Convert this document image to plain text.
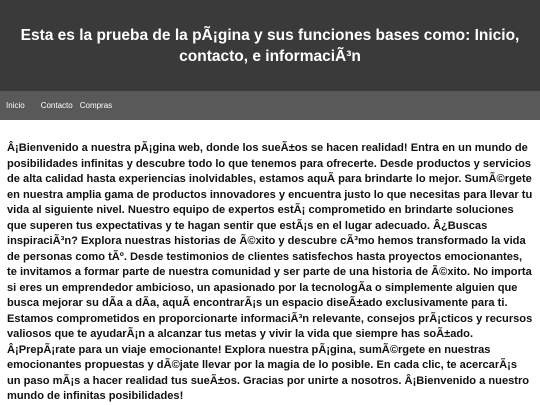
Esta es la prueba de la pÃ¡gina y sus funciones bases como: Inicio, contacto, e informaciÃ³n
Inicio Contacto Compras

Â¡Bienvenido a nuestra pÃ¡gina web, donde los sueÃ±os se hacen realidad! Entra en un mundo de posibilidades infinitas y descubre todo lo que tenemos para ofrecerte. Desde productos y servicios de alta calidad hasta experiencias inolvidables, estamos aquÃ para brindarte lo mejor. SumÃ©rgete en nuestra amplia gama de productos innovadores y encuentra justo lo que necesitas para llevar tu vida al siguiente nivel. Nuestro equipo de expertos estÃ¡ comprometido en brindarte soluciones que superen tus expectativas y te hagan sentir que estÃ¡s en el lugar adecuado. Â¿Buscas inspiraciÃ³n? Explora nuestras historias de Ã©xito y descubre cÃ³mo hemos transformado la vida de personas como tÃº. Desde testimonios de clientes satisfechos hasta proyectos emocionantes, te invitamos a formar parte de nuestra comunidad y ser parte de una historia de Ã©xito. No importa si eres un emprendedor ambicioso, un apasionado por la tecnologÃa o simplemente alguien que busca mejorar su dÃa a dÃa, aquÃ encontrarÃ¡s un espacio diseÃ±ado exclusivamente para ti. Estamos comprometidos en proporcionarte informaciÃ³n relevante, consejos prÃ¡cticos y recursos valiosos que te ayudarÃ¡n a alcanzar tus metas y vivir la vida que siempre has soÃ±ado. Â¡PrepÃ¡rate para un viaje emocionante! Explora nuestra pÃ¡gina, sumÃ©rgete en nuestras emocionantes propuestas y dÃ©jate llevar por la magia de lo posible. En cada clic, te acercarÃ¡s un paso mÃ¡s a hacer realidad tus sueÃ±os. Gracias por unirte a nosotros. Â¡Bienvenido a nuestro mundo de infinitas posibilidades!
